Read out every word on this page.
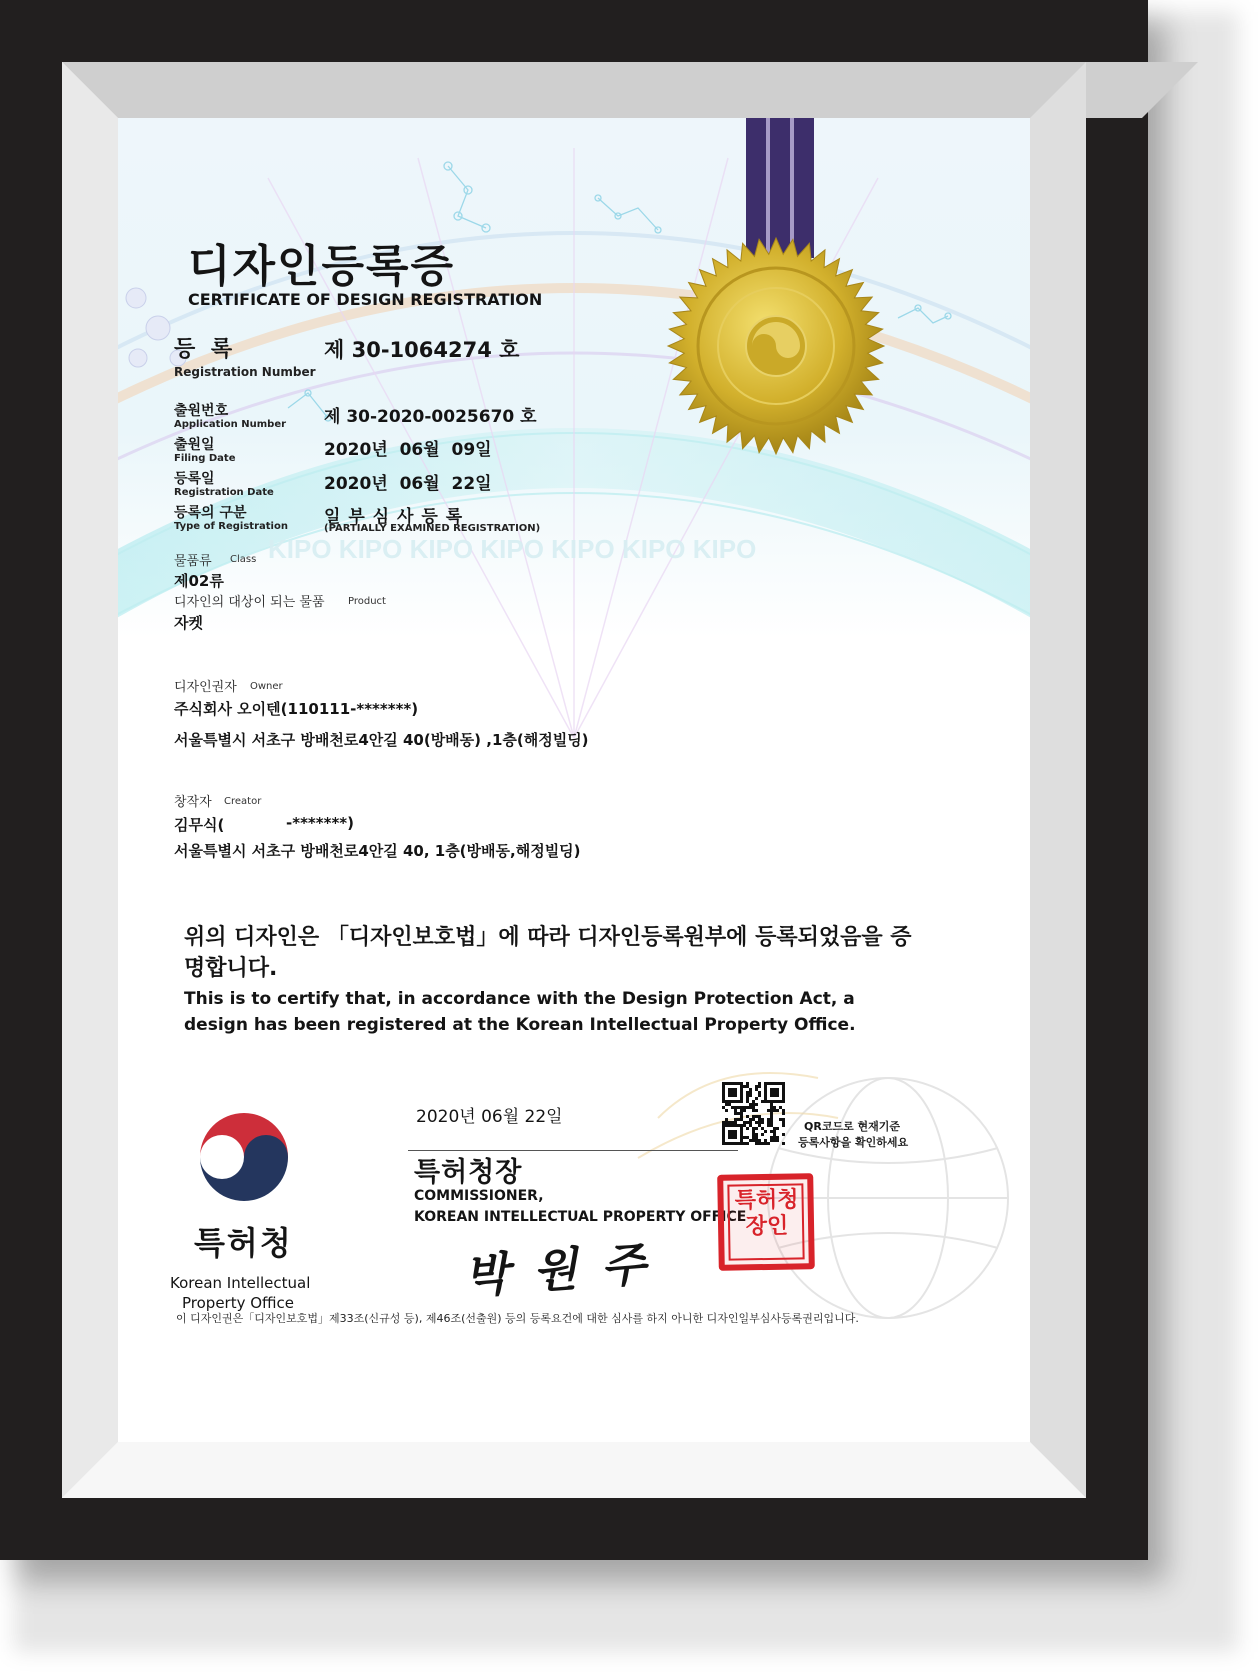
KIPO KIPO KIPO KIPO KIPO KIPO KIPO
디자인등록증
CERTIFICATE OF DESIGN REGISTRATION
등 록
Registration Number
제 30-1064274 호
출원번호
Application Number 제 30-2020-0025670 호
출원일
Filing Date	2020년  06월  09일
등록일
Registration Date	2020년  06월  22일
등록의 구분
Type of Registration 일 부 심 사 등 록
(PARTIALLY EXAMINED REGISTRATION)
물품류 Class
제02류
디자인의 대상이 되는 물품 Product
자켓
디자인권자 Owner
주식회사 오이텐(110111-*******)
서울특별시 서초구 방배천로4안길 40(방배동) ,1층(해정빌딩)
창작자 Creator
김무식(	-*******)
서울특별시 서초구 방배천로4안길 40, 1층(방배동,해정빌딩)
위의 디자인은 「디자인보호법」에 따라 디자인등록원부에 등록되었음을 증명합니다.
This is to certify that, in accordance with the Design Protection Act, a design has been registered at the Korean Intellectual Property Office.
2020년 06월 22일	QR코드로 현재기준
등록사항을 확인하세요
특허청장
COMMISSIONER,
KOREAN INTELLECTUAL PROPERTY OFFICE
박 원 주
특허청장인
특허청
Korean Intellectual
Property Office
이 디자인권은「디자인보호법」제33조(신규성 등), 제46조(선출원) 등의 등록요건에 대한 심사를 하지 아니한 디자인일부심사등록권리입니다.
